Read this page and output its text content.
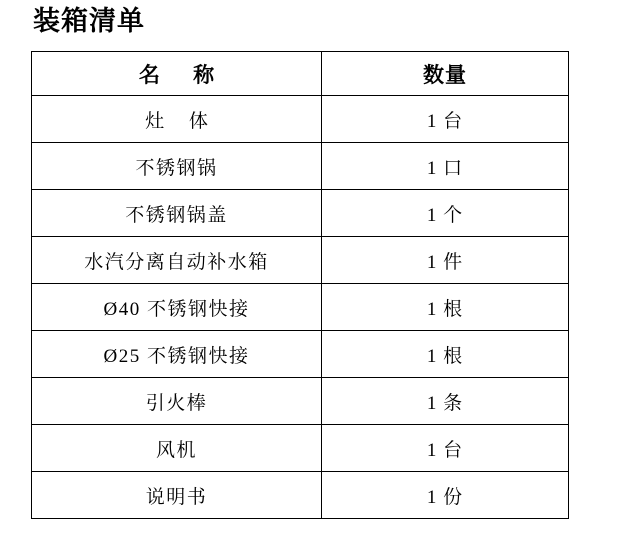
装箱清单
名 称	数量
灶 体	1 台
不锈钢锅	1 口
不锈钢锅盖	1 个
水汽分离自动补水箱	1 件
Ø40 不锈钢快接	1 根
Ø25 不锈钢快接	1 根
引火棒	1 条
风机	1 台
说明书	1 份
